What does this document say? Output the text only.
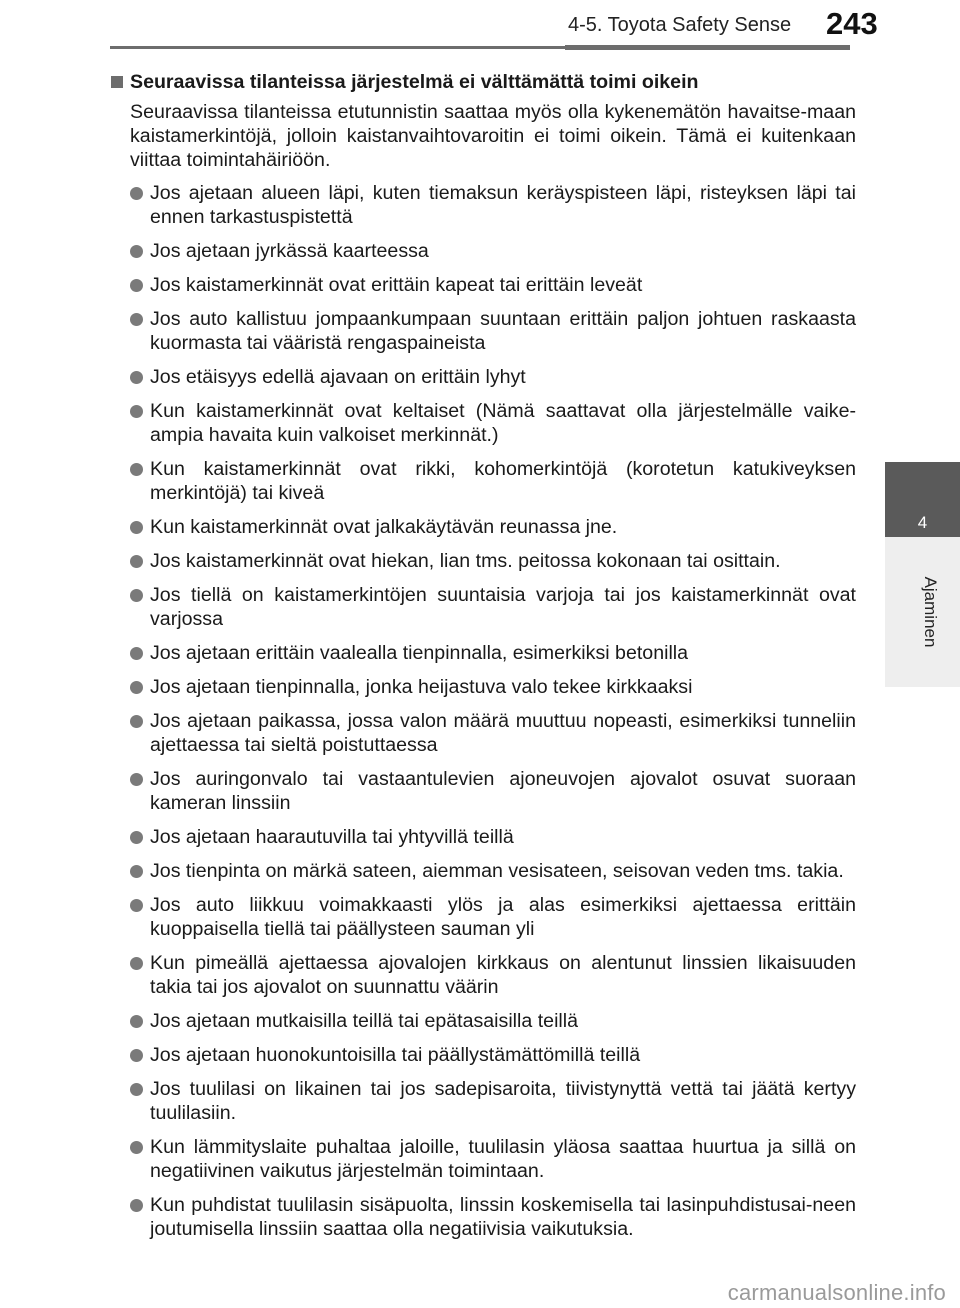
4-5. Toyota Safety Sense 243
4
Ajaminen
Seuraavissa tilanteissa järjestelmä ei välttämättä toimi oikein
Seuraavissa tilanteissa etutunnistin saattaa myös olla kykenemätön havaitse-maan kaistamerkintöjä, jolloin kaistanvaihtovaroitin ei toimi oikein. Tämä ei kuitenkaan viittaa toimintahäiriöön.
Jos ajetaan alueen läpi, kuten tiemaksun keräyspisteen läpi, risteyksen läpi tai ennen tarkastuspistettä
Jos ajetaan jyrkässä kaarteessa
Jos kaistamerkinnät ovat erittäin kapeat tai erittäin leveät
Jos auto kallistuu jompaankumpaan suuntaan erittäin paljon johtuen raskaasta kuormasta tai vääristä rengaspaineista
Jos etäisyys edellä ajavaan on erittäin lyhyt
Kun kaistamerkinnät ovat keltaiset (Nämä saattavat olla järjestelmälle vaike-ampia havaita kuin valkoiset merkinnät.)
Kun kaistamerkinnät ovat rikki, kohomerkintöjä (korotetun katukiveyksen merkintöjä) tai kiveä
Kun kaistamerkinnät ovat jalkakäytävän reunassa jne.
Jos kaistamerkinnät ovat hiekan, lian tms. peitossa kokonaan tai osittain.
Jos tiellä on kaistamerkintöjen suuntaisia varjoja tai jos kaistamerkinnät ovat varjossa
Jos ajetaan erittäin vaalealla tienpinnalla, esimerkiksi betonilla
Jos ajetaan tienpinnalla, jonka heijastuva valo tekee kirkkaaksi
Jos ajetaan paikassa, jossa valon määrä muuttuu nopeasti, esimerkiksi tunneliin ajettaessa tai sieltä poistuttaessa
Jos auringonvalo tai vastaantulevien ajoneuvojen ajovalot osuvat suoraan kameran linssiin
Jos ajetaan haarautuvilla tai yhtyvillä teillä
Jos tienpinta on märkä sateen, aiemman vesisateen, seisovan veden tms. takia.
Jos auto liikkuu voimakkaasti ylös ja alas esimerkiksi ajettaessa erittäin kuoppaisella tiellä tai päällysteen sauman yli
Kun pimeällä ajettaessa ajovalojen kirkkaus on alentunut linssien likaisuuden takia tai jos ajovalot on suunnattu väärin
Jos ajetaan mutkaisilla teillä tai epätasaisilla teillä
Jos ajetaan huonokuntoisilla tai päällystämättömillä teillä
Jos tuulilasi on likainen tai jos sadepisaroita, tiivistynyttä vettä tai jäätä kertyy tuulilasiin.
Kun lämmityslaite puhaltaa jaloille, tuulilasin yläosa saattaa huurtua ja sillä on negatiivinen vaikutus järjestelmän toimintaan.
Kun puhdistat tuulilasin sisäpuolta, linssin koskemisella tai lasinpuhdistusai-neen joutumisella linssiin saattaa olla negatiivisia vaikutuksia.
carmanualsonline.info
